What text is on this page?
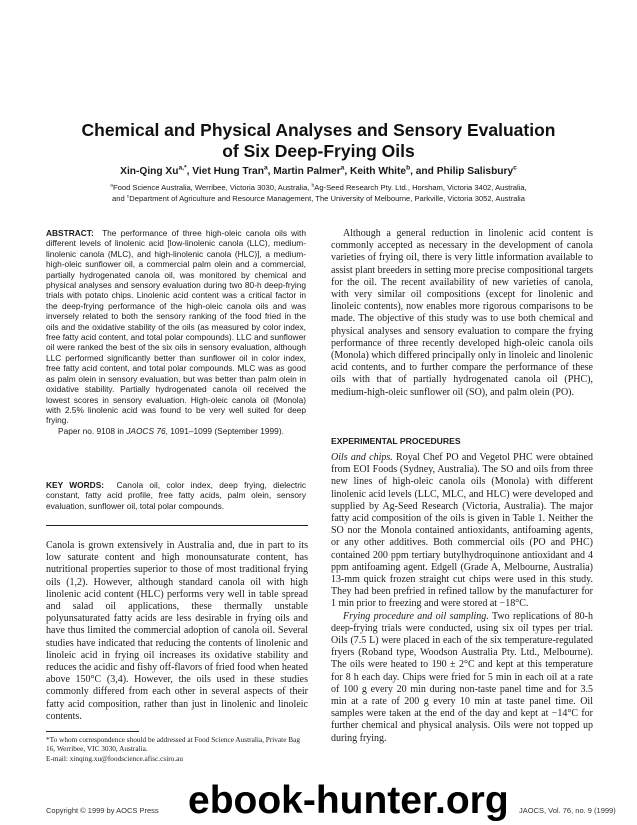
Chemical and Physical Analyses and Sensory Evaluation
of Six Deep-Frying Oils
Xin-Qing $Xu^{a,*}$, Viet Hung Tran$^a$, Martin Palmer$^a$, Keith White$^b$, and Philip Salisbury$^c$
$^a$Food Science Australia, Werribee, Victoria 3030, Australia, $^b$Ag-Seed Research Pty. Ltd., Horsham, Victoria 3402, Australia,
and $^c$Department of Agriculture and Resource Management, The University of Melbourne, Parkville, Victoria 3052, Australia

ABSTRACT: The performance of three high-oleic canola oils with different levels of linolenic acid [low-linolenic canola (LLC), medium-linolenic canola (MLC), and high-linolenic canola (HLC)], a medium-high-oleic sunflower oil, a commercial palm olein and a commercial, partially hydrogenated canola oil, was monitored by chemical and physical analyses and sensory evaluation during two 80-h deep-frying trials with potato chips. Linolenic acid content was a critical factor in the deep-frying performance of the high-oleic canola oils and was inversely related to both the sensory ranking of the food fried in the oils and the oxidative stability of the oils (as measured by color index, free fatty acid content, and total polar compounds). LLC and sunflower oil were ranked the best of the six oils in sensory evaluation, although LLC performed significantly better than sunflower oil in color index, free fatty acid content, and total polar compounds. MLC was as good as palm olein in sensory evaluation, but was better than palm olein in oxidative stability. Partially hydrogenated canola oil received the lowest scores in sensory evaluation. High-oleic canola oil (Monola) with 2.5% linolenic acid was found to be very well suited for deep frying.

Paper no. 9108 in JAOCS 76, 1091–1099 (September 1999).

KEY WORDS: Canola oil, color index, deep frying, dielectric constant, fatty acid profile, free fatty acids, palm olein, sensory evaluation, sunflower oil, total polar compounds.

Canola is grown extensively in Australia and, due in part to its low saturate content and high monounsaturate content, has nutritional properties superior to those of most traditional frying oils (1,2). However, although standard canola oil with high linolenic acid content (HLC) performs very well in table spread and salad oil applications, these thermally unstable polyunsaturated fatty acids are less desirable in frying oils and have thus limited the commercial adoption of canola oil. Several studies have indicated that reducing the contents of linolenic and linoleic acid in frying oil increases its oxidative stability and reduces the acidic and fishy off-flavors of fried food when heated above 150°C (3,4). However, the oils used in these studies commonly differed from each other in several aspects of their fatty acid composition, rather than just in linolenic and linoleic contents.

*To whom correspondence should be addressed at Food Science Australia, Private Bag 16, Werribee, VIC 3030, Australia.

E-mail: xinqing.xu@foodscience.afisc.csiro.au

Although a general reduction in linolenic acid content is commonly accepted as necessary in the development of canola varieties of frying oil, there is very little information available to assist plant breeders in setting more precise compositional targets for the oil. The recent availability of new varieties of canola, with very similar oil compositions (except for linolenic and linoleic contents), now enables more rigorous comparisons to be made. The objective of this study was to use both chemical and physical analyses and sensory evaluation to compare the frying performance of three recently developed high-oleic canola oils (Monola) which differed principally only in linoleic and linolenic acid contents, and to further compare the performance of these oils with that of partially hydrogenated canola oil (PHC), medium-high-oleic sunflower oil (SO), and palm olein (PO).

EXPERIMENTAL PROCEDURES

Oils and chips. Royal Chef PO and Vegetol PHC were obtained from EOI Foods (Sydney, Australia). The SO and oils from three new lines of high-oleic canola oils (Monola) with different linolenic acid levels (LLC, MLC, and HLC) were developed and supplied by Ag-Seed Research (Victoria, Australia). The major fatty acid composition of the oils is given in Table 1. Neither the SO nor the Monola contained antioxidants, antifoaming agents, or any other additives. Both commercial oils (PO and PHC) contained 200 ppm tertiary butylhydroquinone antioxidant and 4 ppm antifoaming agent. Edgell (Grade A, Melbourne, Australia) 13-mm quick frozen straight cut chips were used in this study. They had been prefried in refined tallow by the manufacturer for 1 min prior to freezing and were stored at −18°C.

Frying procedure and oil sampling. Two replications of 80-h deep-frying trials were conducted, using six oil types per trial. Oils (7.5 L) were placed in each of the six temperature-regulated fryers (Roband type, Woodson Australia Pty. Ltd., Melbourne). The oils were heated to 190 ± 2°C and kept at this temperature for 8 h each day. Chips were fried for 5 min in each oil at a rate of 100 g every 20 min during non-taste panel time and for 3.5 min at a rate of 200 g every 10 min at taste panel time. Oil samples were taken at the end of the day and kept at −14°C for further chemical and physical analysis. Oils were not topped up during frying.

Copyright © 1999 by AOCS Press	JAOCS, Vol. 76, no. 9 (1999)
ebook-hunter.org
